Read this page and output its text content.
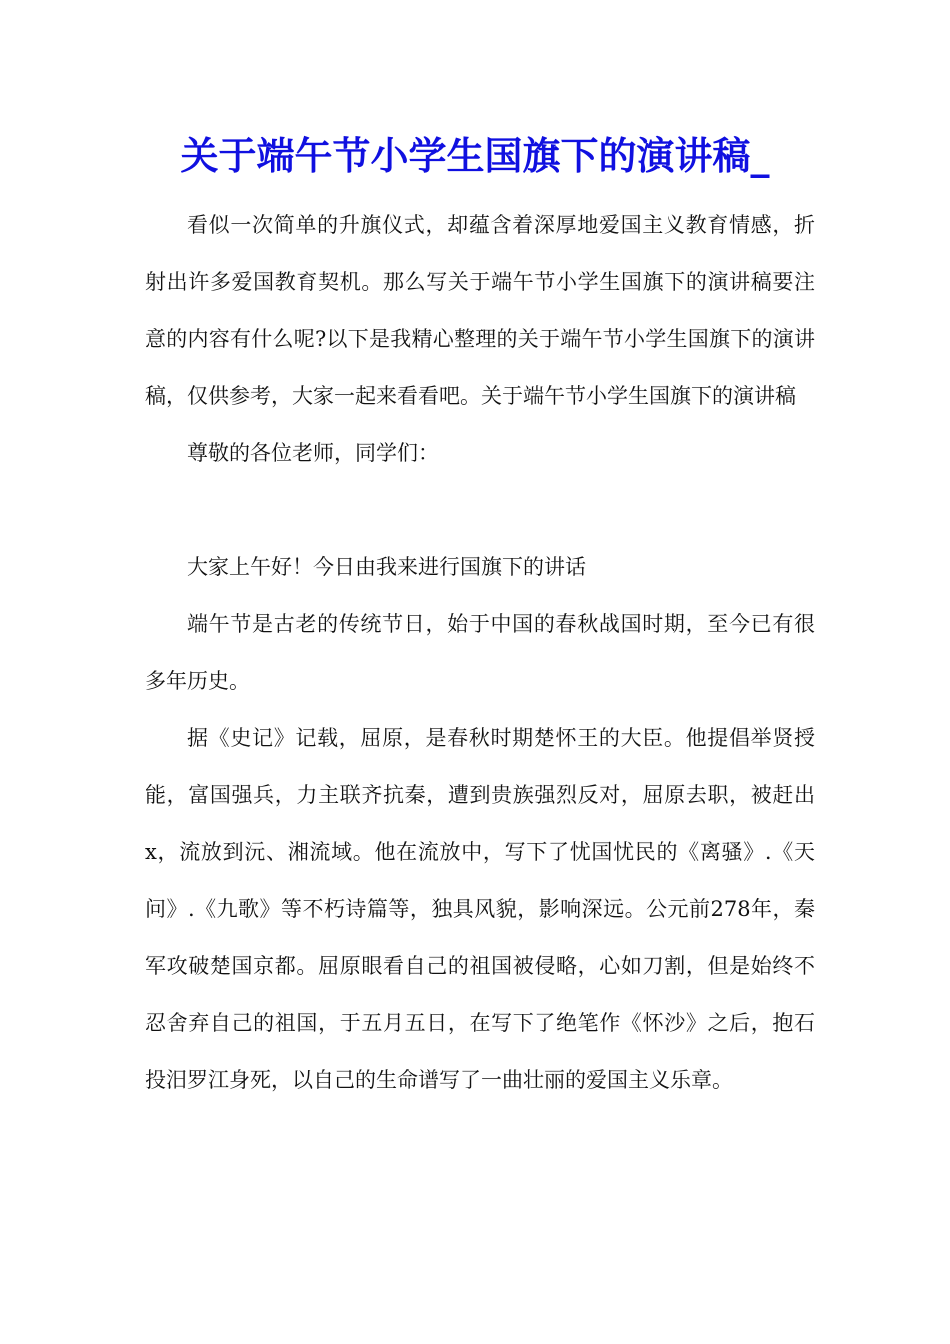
关于端午节小学生国旗下的演讲稿_

看似一次简单的升旗仪式，却蕴含着深厚地爱国主义教育情感，折射出许多爱国教育契机。那么写关于端午节小学生国旗下的演讲稿要注意的内容有什么呢?以下是我精心整理的关于端午节小学生国旗下的演讲稿，仅供参考，大家一起来看看吧。关于端午节小学生国旗下的演讲稿

尊敬的各位老师，同学们：

大家上午好！今日由我来进行国旗下的讲话

端午节是古老的传统节日，始于中国的春秋战国时期，至今已有很多年历史。

据《史记》记载，屈原，是春秋时期楚怀王的大臣。他提倡举贤授能，富国强兵，力主联齐抗秦，遭到贵族强烈反对，屈原去职，被赶出x，流放到沅、湘流域。他在流放中，写下了忧国忧民的《离骚》.《天问》.《九歌》等不朽诗篇等，独具风貌，影响深远。公元前278年，秦军攻破楚国京都。屈原眼看自己的祖国被侵略，心如刀割，但是始终不忍舍弃自己的祖国，于五月五日，在写下了绝笔作《怀沙》之后，抱石投汨罗江身死，以自己的生命谱写了一曲壮丽的爱国主义乐章。
